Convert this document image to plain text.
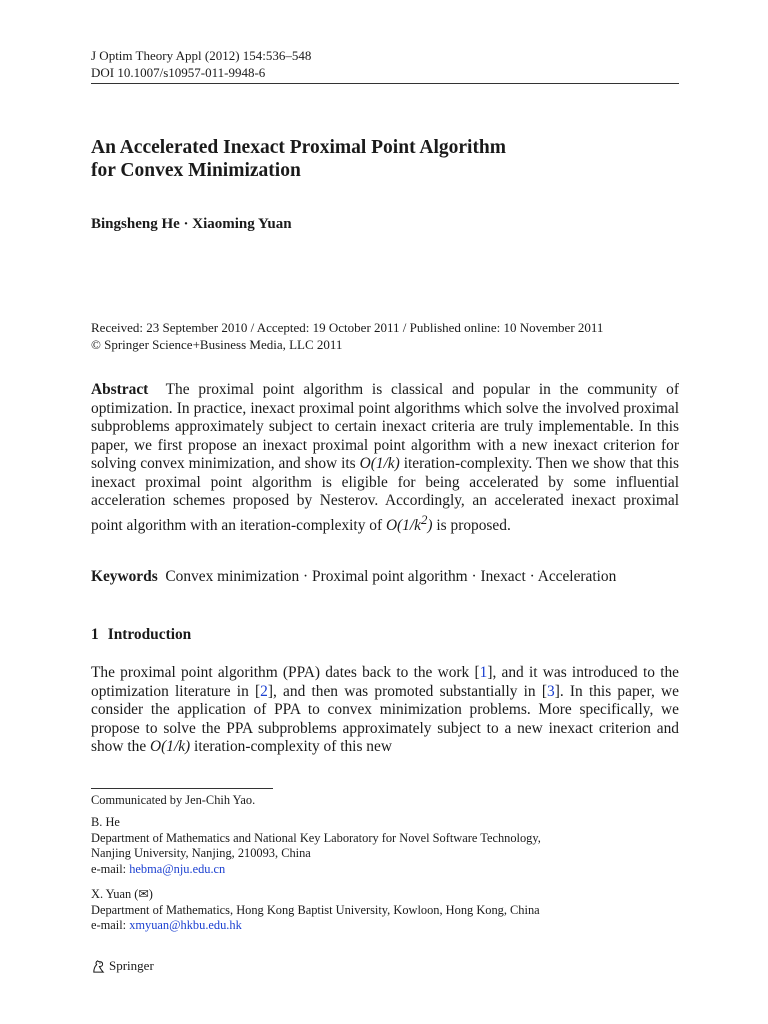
J Optim Theory Appl (2012) 154:536–548
DOI 10.1007/s10957-011-9948-6
An Accelerated Inexact Proximal Point Algorithm
for Convex Minimization
Bingsheng He · Xiaoming Yuan
Received: 23 September 2010 / Accepted: 19 October 2011 / Published online: 10 November 2011
© Springer Science+Business Media, LLC 2011
Abstract The proximal point algorithm is classical and popular in the community of optimization. In practice, inexact proximal point algorithms which solve the involved proximal subproblems approximately subject to certain inexact criteria are truly implementable. In this paper, we first propose an inexact proximal point algorithm with a new inexact criterion for solving convex minimization, and show its O(1/k) iteration-complexity. Then we show that this inexact proximal point algorithm is eligible for being accelerated by some influential acceleration schemes proposed by Nesterov. Accordingly, an accelerated inexact proximal point algorithm with an iteration-complexity of $O(1/k^2)$ is proposed.
Keywords Convex minimization · Proximal point algorithm · Inexact · Acceleration
1 Introduction
The proximal point algorithm (PPA) dates back to the work [1], and it was introduced to the optimization literature in [2], and then was promoted substantially in [3]. In this paper, we consider the application of PPA to convex minimization problems. More specifically, we propose to solve the PPA subproblems approximately subject to a new inexact criterion and show the O(1/k) iteration-complexity of this new
Communicated by Jen-Chih Yao.
B. He
Department of Mathematics and National Key Laboratory for Novel Software Technology,
Nanjing University, Nanjing, 210093, China
e-mail: hebma@nju.edu.cn
X. Yuan (✉)
Department of Mathematics, Hong Kong Baptist University, Kowloon, Hong Kong, China
e-mail: xmyuan@hkbu.edu.hk
Springer
